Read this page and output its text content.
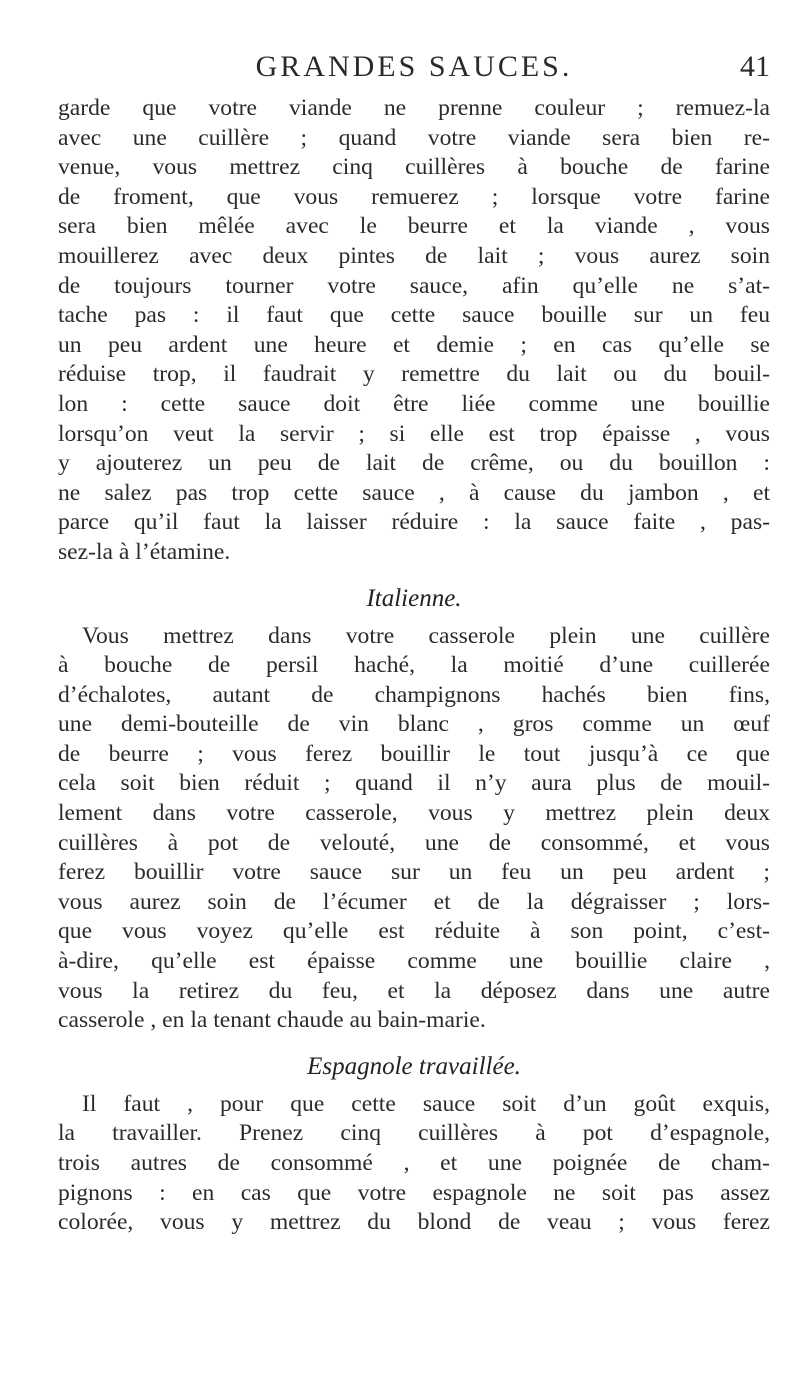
GRANDES SAUCES.	41
garde que votre viande ne prenne couleur ; remuez-la
avec une cuillère ; quand votre viande sera bien re-
venue, vous mettrez cinq cuillères à bouche de farine
de froment, que vous remuerez ; lorsque votre farine
sera bien mêlée avec le beurre et la viande , vous
mouillerez avec deux pintes de lait ; vous aurez soin
de toujours tourner votre sauce, afin qu’elle ne s’at-
tache pas : il faut que cette sauce bouille sur un feu
un peu ardent une heure et demie ; en cas qu’elle se
réduise trop, il faudrait y remettre du lait ou du bouil-
lon : cette sauce doit être liée comme une bouillie
lorsqu’on veut la servir ; si elle est trop épaisse , vous
y ajouterez un peu de lait de crême, ou du bouillon :
ne salez pas trop cette sauce , à cause du jambon , et
parce qu’il faut la laisser réduire : la sauce faite , pas-
sez-la à l’étamine.
Italienne.
Vous mettrez dans votre casserole plein une cuillère
à bouche de persil haché, la moitié d’une cuillerée
d’échalotes, autant de champignons hachés bien fins,
une demi-bouteille de vin blanc , gros comme un œuf
de beurre ; vous ferez bouillir le tout jusqu’à ce que
cela soit bien réduit ; quand il n’y aura plus de mouil-
lement dans votre casserole, vous y mettrez plein deux
cuillères à pot de velouté, une de consommé, et vous
ferez bouillir votre sauce sur un feu un peu ardent ;
vous aurez soin de l’écumer et de la dégraisser ; lors-
que vous voyez qu’elle est réduite à son point, c’est-
à-dire, qu’elle est épaisse comme une bouillie claire ,
vous la retirez du feu, et la déposez dans une autre
casserole , en la tenant chaude au bain-marie.
Espagnole travaillée.
Il faut , pour que cette sauce soit d’un goût exquis,
la travailler. Prenez cinq cuillères à pot d’espagnole,
trois autres de consommé , et une poignée de cham-
pignons : en cas que votre espagnole ne soit pas assez
colorée, vous y mettrez du blond de veau ; vous ferez
